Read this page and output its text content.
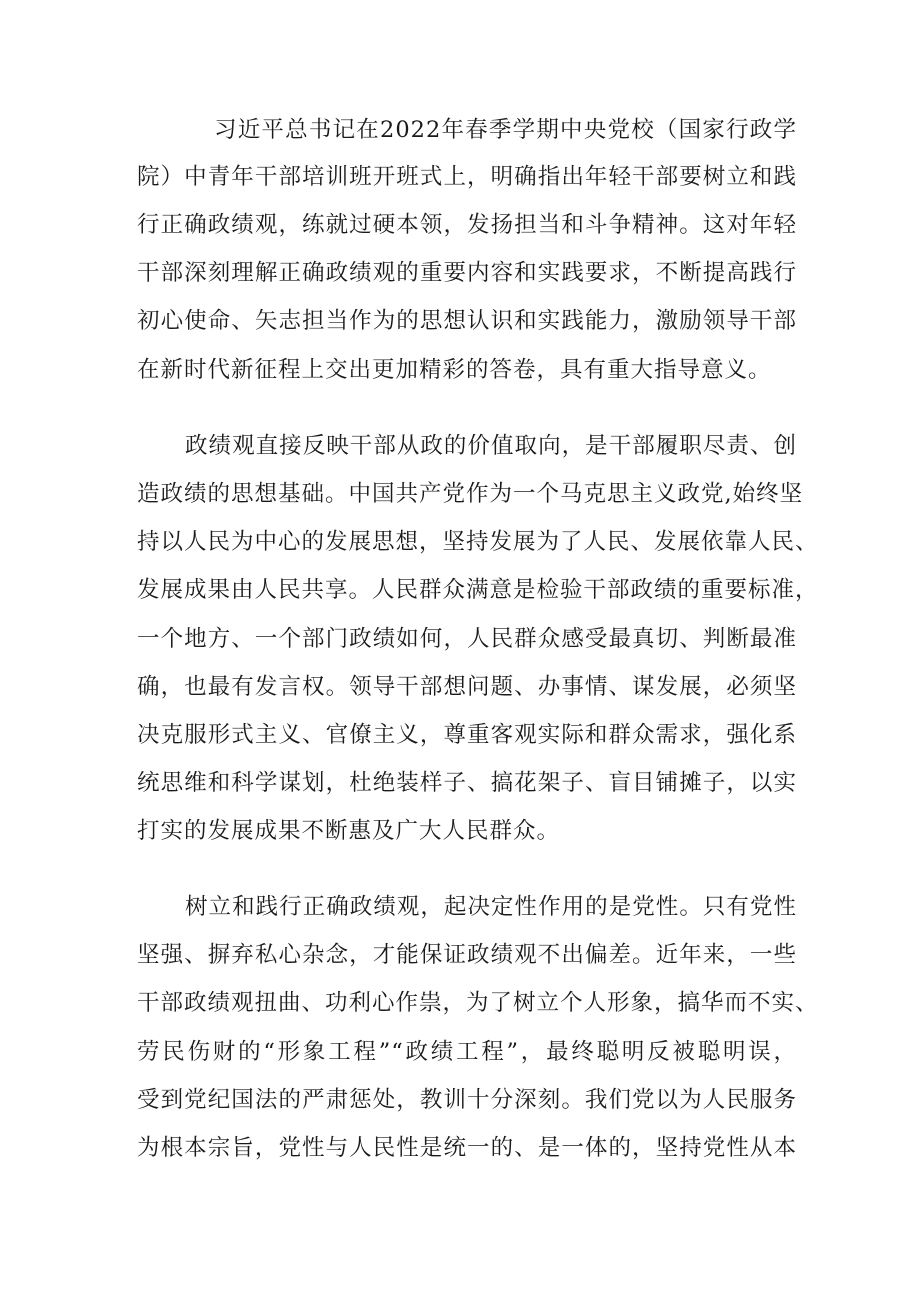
习近平总书记在2022年春季学期中央党校（国家行政学

院）中青年干部培训班开班式上，明确指出年轻干部要树立和践

行正确政绩观，练就过硬本领，发扬担当和斗争精神。这对年轻

干部深刻理解正确政绩观的重要内容和实践要求，不断提高践行

初心使命、矢志担当作为的思想认识和实践能力，激励领导干部

在新时代新征程上交出更加精彩的答卷，具有重大指导意义。

政绩观直接反映干部从政的价值取向，是干部履职尽责、创

造政绩的思想基础。中国共产党作为一个马克思主义政党,始终坚

持以人民为中心的发展思想，坚持发展为了人民、发展依靠人民、

发展成果由人民共享。人民群众满意是检验干部政绩的重要标准，

一个地方、一个部门政绩如何，人民群众感受最真切、判断最准

确，也最有发言权。领导干部想问题、办事情、谋发展，必须坚

决克服形式主义、官僚主义，尊重客观实际和群众需求，强化系

统思维和科学谋划，杜绝装样子、搞花架子、盲目铺摊子，以实

打实的发展成果不断惠及广大人民群众。

树立和践行正确政绩观，起决定性作用的是党性。只有党性

坚强、摒弃私心杂念，才能保证政绩观不出偏差。近年来，一些

干部政绩观扭曲、功利心作祟，为了树立个人形象，搞华而不实、

劳民伤财的“形象工程”“政绩工程”，最终聪明反被聪明误，

受到党纪国法的严肃惩处，教训十分深刻。我们党以为人民服务

为根本宗旨，党性与人民性是统一的、是一体的，坚持党性从本
